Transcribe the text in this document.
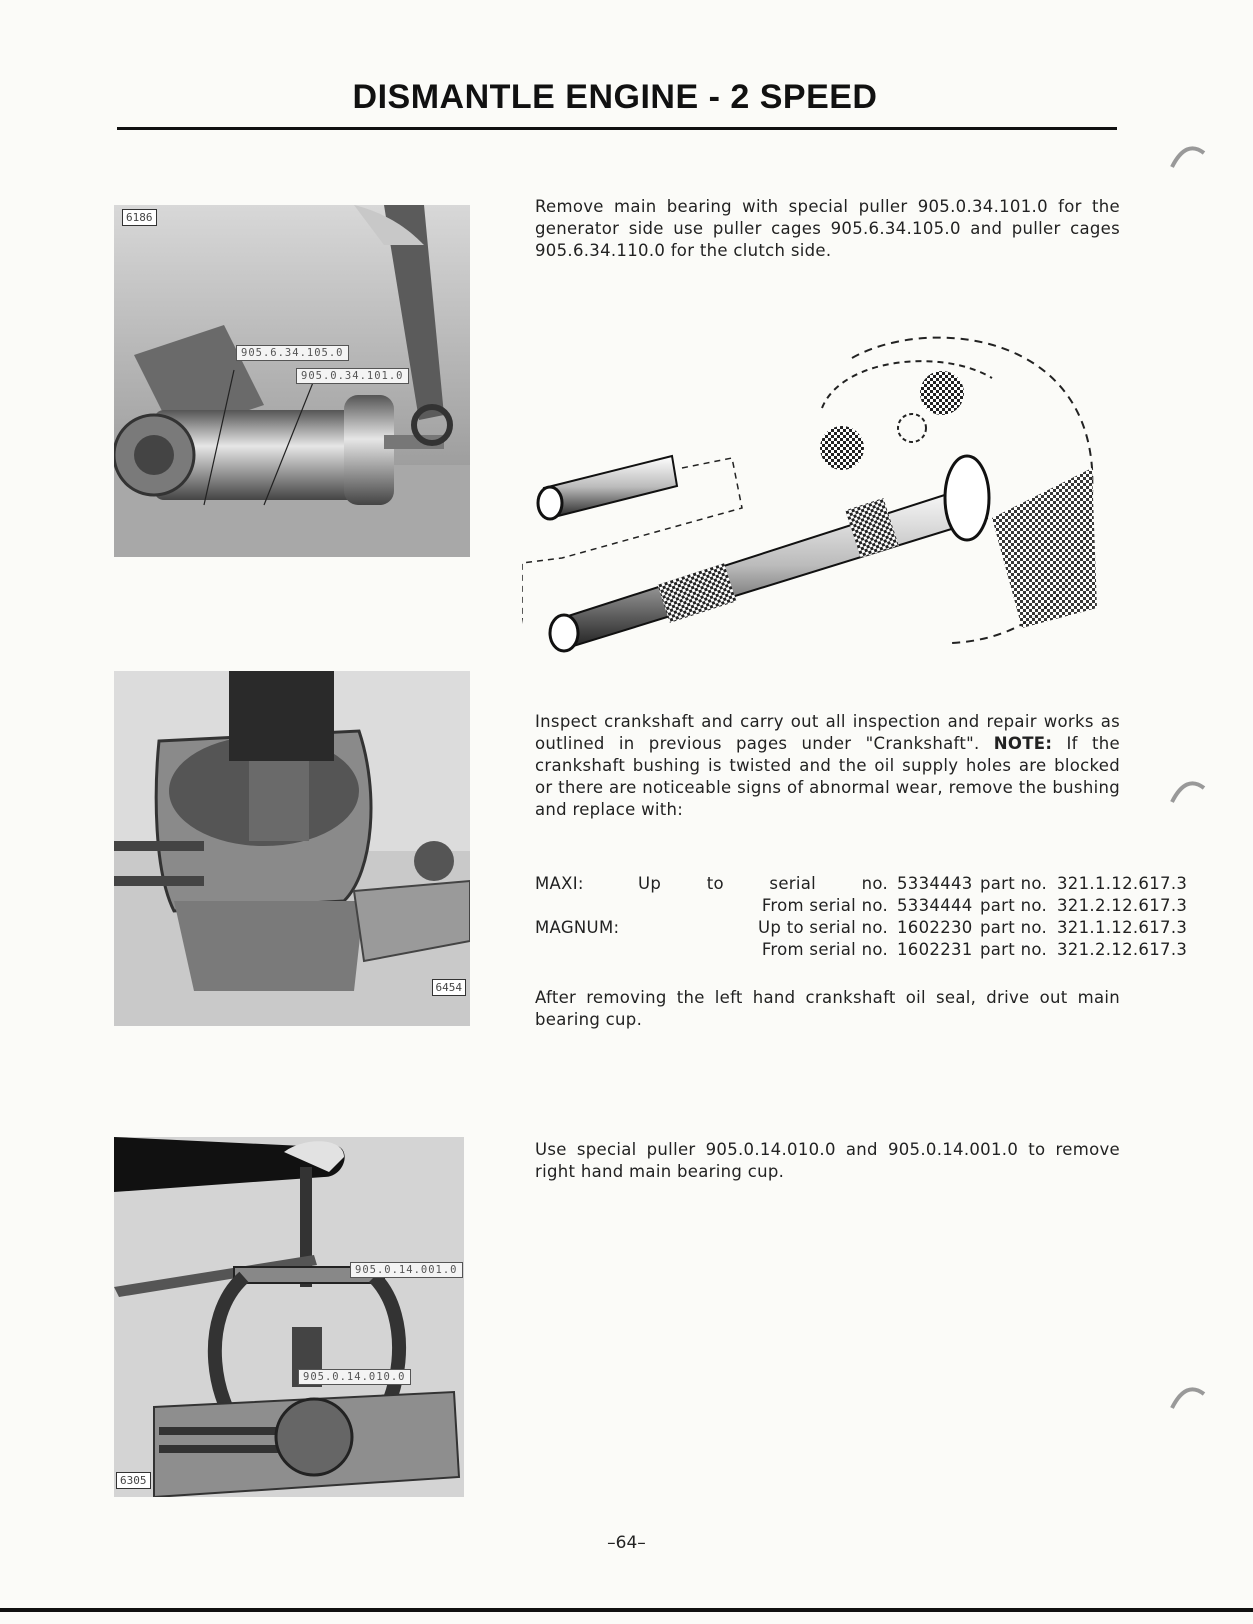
DISMANTLE ENGINE - 2 SPEED
6186
905.6.34.105.0
905.0.34.101.0
Remove main bearing with special puller 905.0.34.101.0 for the generator side use puller cages 905.6.34.105.0 and puller cages 905.6.34.110.0 for the clutch side.
6454
Inspect crankshaft and carry out all inspection and repair works as outlined in previous pages under "Crankshaft". NOTE: If the crankshaft bushing is twisted and the oil supply holes are blocked or there are noticeable signs of abnormal wear, remove the bushing and replace with:
MAXI:	Up to serial no. 5334443 part no. 321.1.12.617.3
From serial no. 5334444 part no. 321.2.12.617.3
MAGNUM:	Up to serial no. 1602230 part no. 321.1.12.617.3
From serial no. 1602231 part no. 321.2.12.617.3
After removing the left hand crankshaft oil seal, drive out main bearing cup.
905.0.14.001.0
905.0.14.010.0
6305
Use special puller 905.0.14.010.0 and 905.0.14.001.0 to remove right hand main bearing cup.
–64–
